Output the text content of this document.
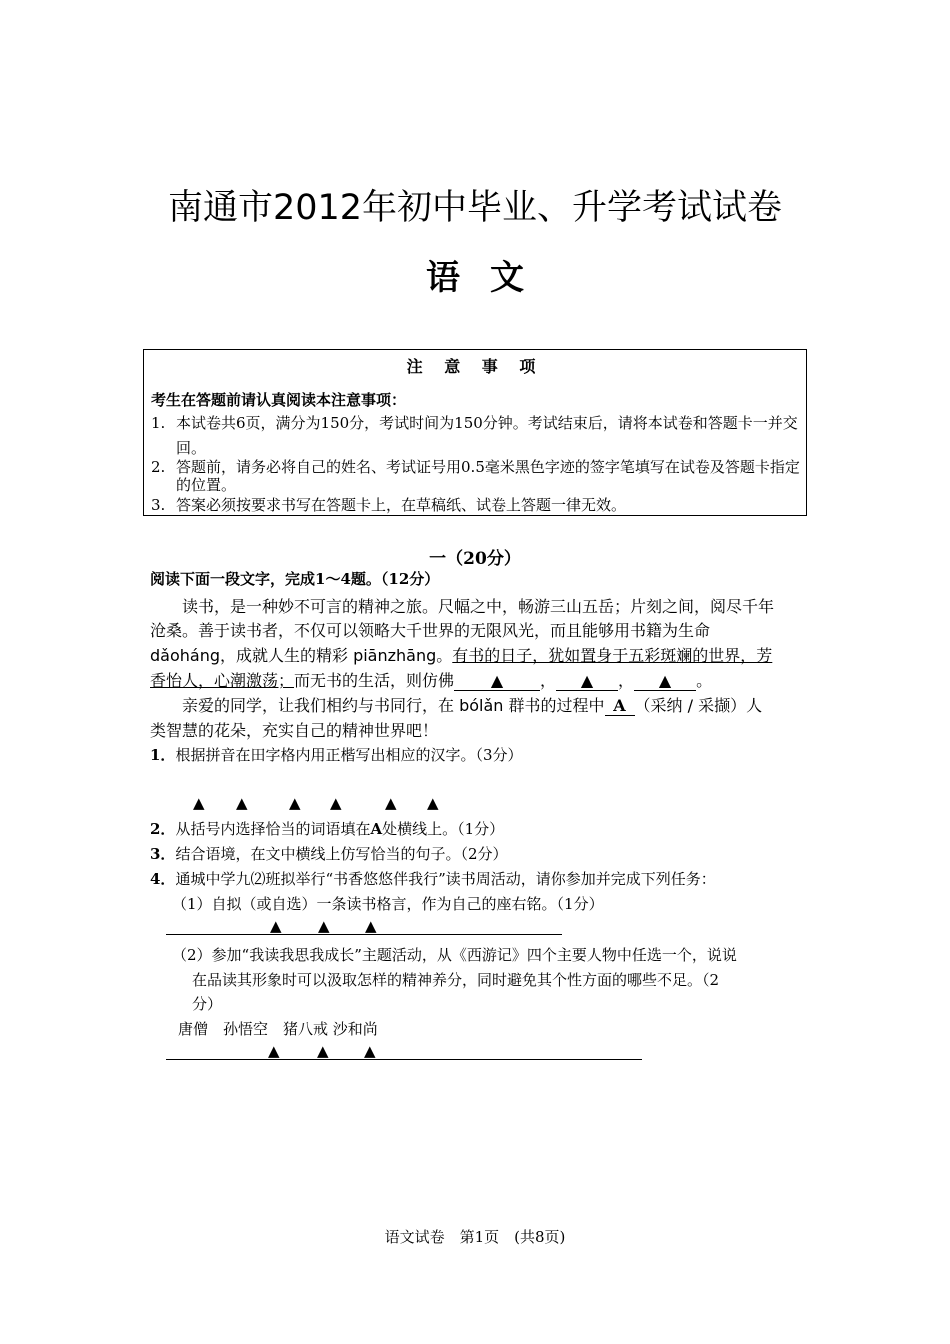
南通市2012年初中毕业、升学考试试卷
语文
注 意 事 项
考生在答题前请认真阅读本注意事项：
1. 本试卷共6页，满分为150分，考试时间为150分钟。考试结束后，请将本试卷和答题卡一并交回。
2. 答题前，请务必将自己的姓名、考试证号用0.5毫米黑色字迹的签字笔填写在试卷及答题卡指定的位置。
3. 答案必须按要求书写在答题卡上，在草稿纸、试卷上答题一律无效。
一（20分）
阅读下面一段文字，完成1～4题。（12分）
读书，是一种妙不可言的精神之旅。尺幅之中，畅游三山五岳；片刻之间，阅尽千年
沧桑。善于读书者，不仅可以领略大千世界的无限风光，而且能够用书籍为生命
dǎoháng，成就人生的精彩 piānzhāng。有书的日子，犹如置身于五彩斑斓的世界，芳
香怡人，心潮激荡；而无书的生活，则仿佛 ▲ ， ▲ ， ▲ 。
亲爱的同学，让我们相约与书同行，在 bólǎn 群书的过程中 A （采纳 / 采撷）人
类智慧的花朵，充实自己的精神世界吧！
1．根据拼音在田字格内用正楷写出相应的汉字。（3分）
▲ ▲	▲ ▲	▲ ▲
2．从括号内选择恰当的词语填在A处横线上。（1分）
3．结合语境，在文中横线上仿写恰当的句子。（2分）
4．通城中学九⑵班拟举行“书香悠悠伴我行”读书周活动，请你参加并完成下列任务：
（1）自拟（或自选）一条读书格言，作为自己的座右铭。（1分）
▲ ▲ ▲
（2）参加“我读我思我成长”主题活动，从《西游记》四个主要人物中任选一个，说说
在品读其形象时可以汲取怎样的精神养分，同时避免其个性方面的哪些不足。（2
分）
唐僧　孙悟空　猪八戒 沙和尚
▲ ▲ ▲
语文试卷　第1页　(共8页)
